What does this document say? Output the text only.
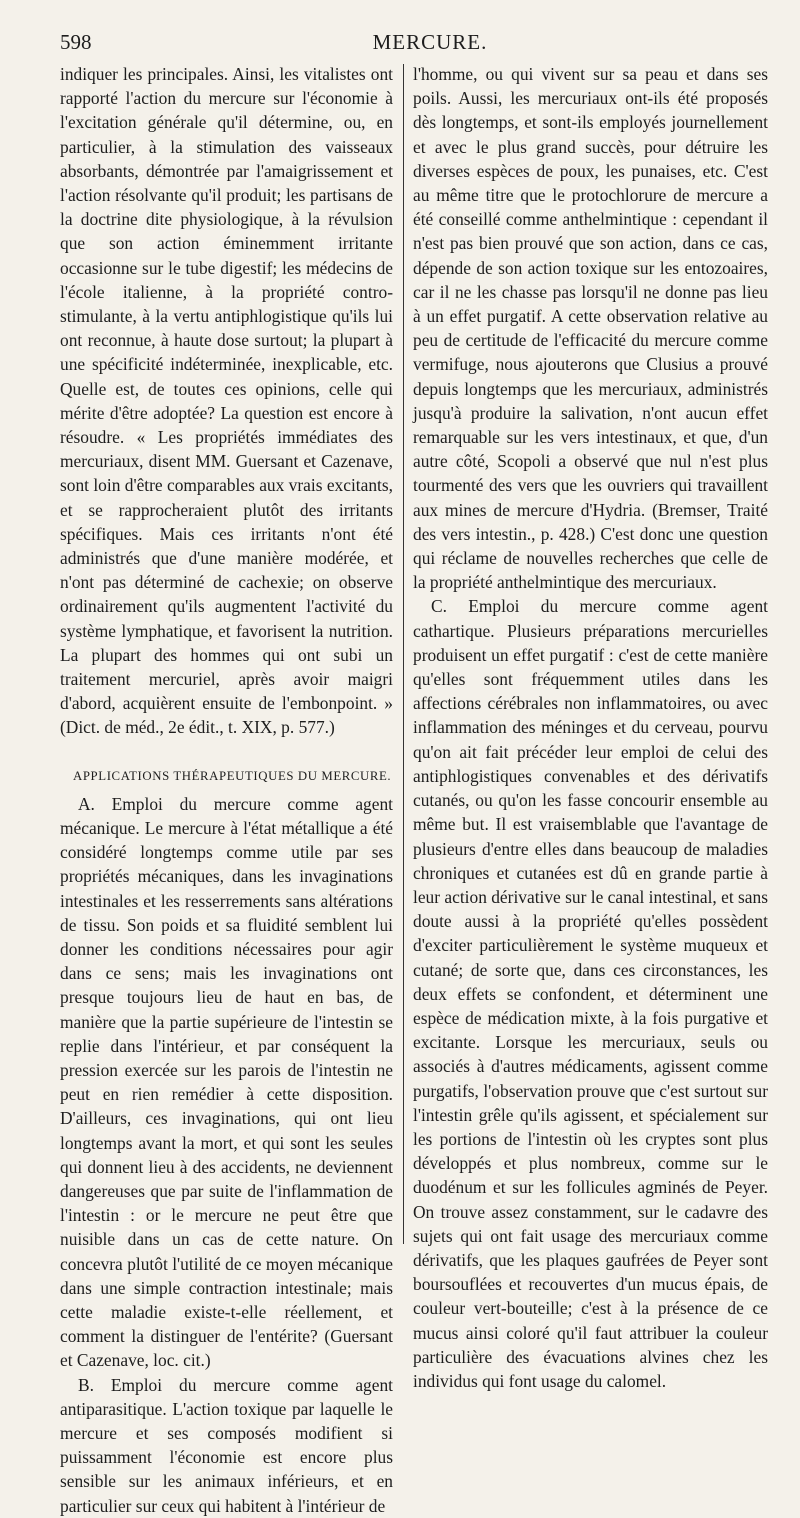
598	MERCURE.

indiquer les principales. Ainsi, les vitalistes ont rapporté l'action du mercure sur l'économie à l'excitation générale qu'il détermine, ou, en particulier, à la stimulation des vaisseaux absorbants, démontrée par l'amaigrissement et l'action résolvante qu'il produit; les partisans de la doctrine dite physiologique, à la révulsion que son action éminemment irritante occasionne sur le tube digestif; les médecins de l'école italienne, à la propriété contro-stimulante, à la vertu antiphlogistique qu'ils lui ont reconnue, à haute dose surtout; la plupart à une spécificité indéterminée, inexplicable, etc. Quelle est, de toutes ces opinions, celle qui mérite d'être adoptée? La question est encore à résoudre. « Les propriétés immédiates des mercuriaux, disent MM. Guersant et Cazenave, sont loin d'être comparables aux vrais excitants, et se rapprocheraient plutôt des irritants spécifiques. Mais ces irritants n'ont été administrés que d'une manière modérée, et n'ont pas déterminé de cachexie; on observe ordinairement qu'ils augmentent l'activité du système lymphatique, et favorisent la nutrition. La plupart des hommes qui ont subi un traitement mercuriel, après avoir maigri d'abord, acquièrent ensuite de l'embonpoint. » (Dict. de méd., 2e édit., t. XIX, p. 577.)

APPLICATIONS THÉRAPEUTIQUES DU MERCURE.

A. Emploi du mercure comme agent mécanique. Le mercure à l'état métallique a été considéré longtemps comme utile par ses propriétés mécaniques, dans les invaginations intestinales et les resserrements sans altérations de tissu. Son poids et sa fluidité semblent lui donner les conditions nécessaires pour agir dans ce sens; mais les invaginations ont presque toujours lieu de haut en bas, de manière que la partie supérieure de l'intestin se replie dans l'intérieur, et par conséquent la pression exercée sur les parois de l'intestin ne peut en rien remédier à cette disposition. D'ailleurs, ces invaginations, qui ont lieu longtemps avant la mort, et qui sont les seules qui donnent lieu à des accidents, ne deviennent dangereuses que par suite de l'inflammation de l'intestin : or le mercure ne peut être que nuisible dans un cas de cette nature. On concevra plutôt l'utilité de ce moyen mécanique dans une simple contraction intestinale; mais cette maladie existe-t-elle réellement, et comment la distinguer de l'entérite? (Guersant et Cazenave, loc. cit.)

B. Emploi du mercure comme agent antiparasitique. L'action toxique par laquelle le mercure et ses composés modifient si puissamment l'économie est encore plus sensible sur les animaux inférieurs, et en particulier sur ceux qui habitent à l'intérieur de

l'homme, ou qui vivent sur sa peau et dans ses poils. Aussi, les mercuriaux ont-ils été proposés dès longtemps, et sont-ils employés journellement et avec le plus grand succès, pour détruire les diverses espèces de poux, les punaises, etc. C'est au même titre que le protochlorure de mercure a été conseillé comme anthelmintique : cependant il n'est pas bien prouvé que son action, dans ce cas, dépende de son action toxique sur les entozoaires, car il ne les chasse pas lorsqu'il ne donne pas lieu à un effet purgatif. A cette observation relative au peu de certitude de l'efficacité du mercure comme vermifuge, nous ajouterons que Clusius a prouvé depuis longtemps que les mercuriaux, administrés jusqu'à produire la salivation, n'ont aucun effet remarquable sur les vers intestinaux, et que, d'un autre côté, Scopoli a observé que nul n'est plus tourmenté des vers que les ouvriers qui travaillent aux mines de mercure d'Hydria. (Bremser, Traité des vers intestin., p. 428.) C'est donc une question qui réclame de nouvelles recherches que celle de la propriété anthelmintique des mercuriaux.

C. Emploi du mercure comme agent cathartique. Plusieurs préparations mercurielles produisent un effet purgatif : c'est de cette manière qu'elles sont fréquemment utiles dans les affections cérébrales non inflammatoires, ou avec inflammation des méninges et du cerveau, pourvu qu'on ait fait précéder leur emploi de celui des antiphlogistiques convenables et des dérivatifs cutanés, ou qu'on les fasse concourir ensemble au même but. Il est vraisemblable que l'avantage de plusieurs d'entre elles dans beaucoup de maladies chroniques et cutanées est dû en grande partie à leur action dérivative sur le canal intestinal, et sans doute aussi à la propriété qu'elles possèdent d'exciter particulièrement le système muqueux et cutané; de sorte que, dans ces circonstances, les deux effets se confondent, et déterminent une espèce de médication mixte, à la fois purgative et excitante. Lorsque les mercuriaux, seuls ou associés à d'autres médicaments, agissent comme purgatifs, l'observation prouve que c'est surtout sur l'intestin grêle qu'ils agissent, et spécialement sur les portions de l'intestin où les cryptes sont plus développés et plus nombreux, comme sur le duodénum et sur les follicules agminés de Peyer. On trouve assez constamment, sur le cadavre des sujets qui ont fait usage des mercuriaux comme dérivatifs, que les plaques gaufrées de Peyer sont boursouflées et recouvertes d'un mucus épais, de couleur vert-bouteille; c'est à la présence de ce mucus ainsi coloré qu'il faut attribuer la couleur particulière des évacuations alvines chez les individus qui font usage du calomel.
